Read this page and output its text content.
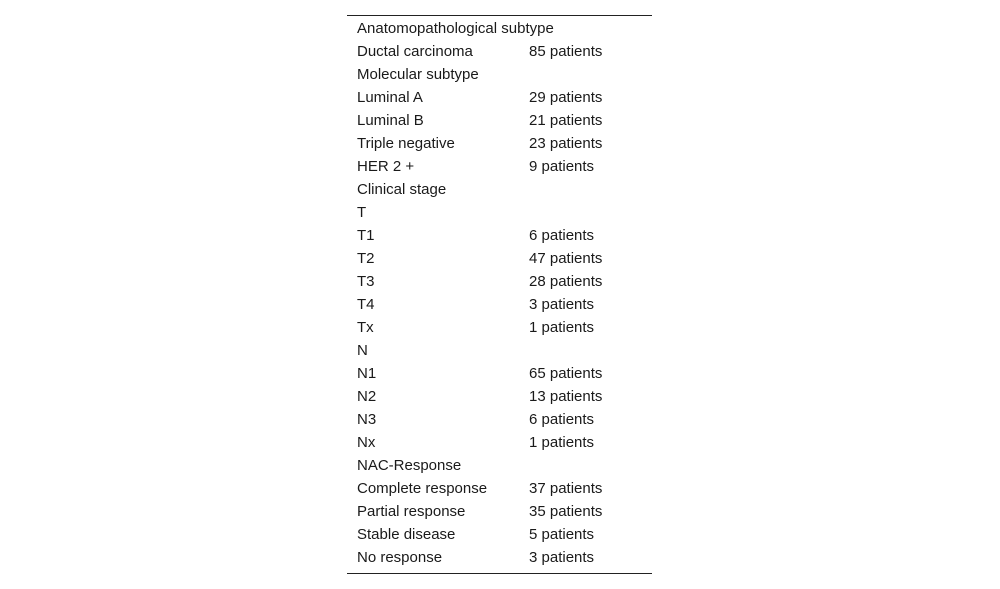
Anatomopathological subtype
Ductal carcinoma	85 patients
Molecular subtype
Luminal A	29 patients
Luminal B	21 patients
Triple negative	23 patients
HER 2 +	9 patients
Clinical stage
T
T1	6 patients
T2	47 patients
T3	28 patients
T4	3 patients
Tx	1 patients
N
N1	65 patients
N2	13 patients
N3	6 patients
Nx	1 patients
NAC-Response
Complete response	37 patients
Partial response	35 patients
Stable disease	5 patients
No response	3 patients
